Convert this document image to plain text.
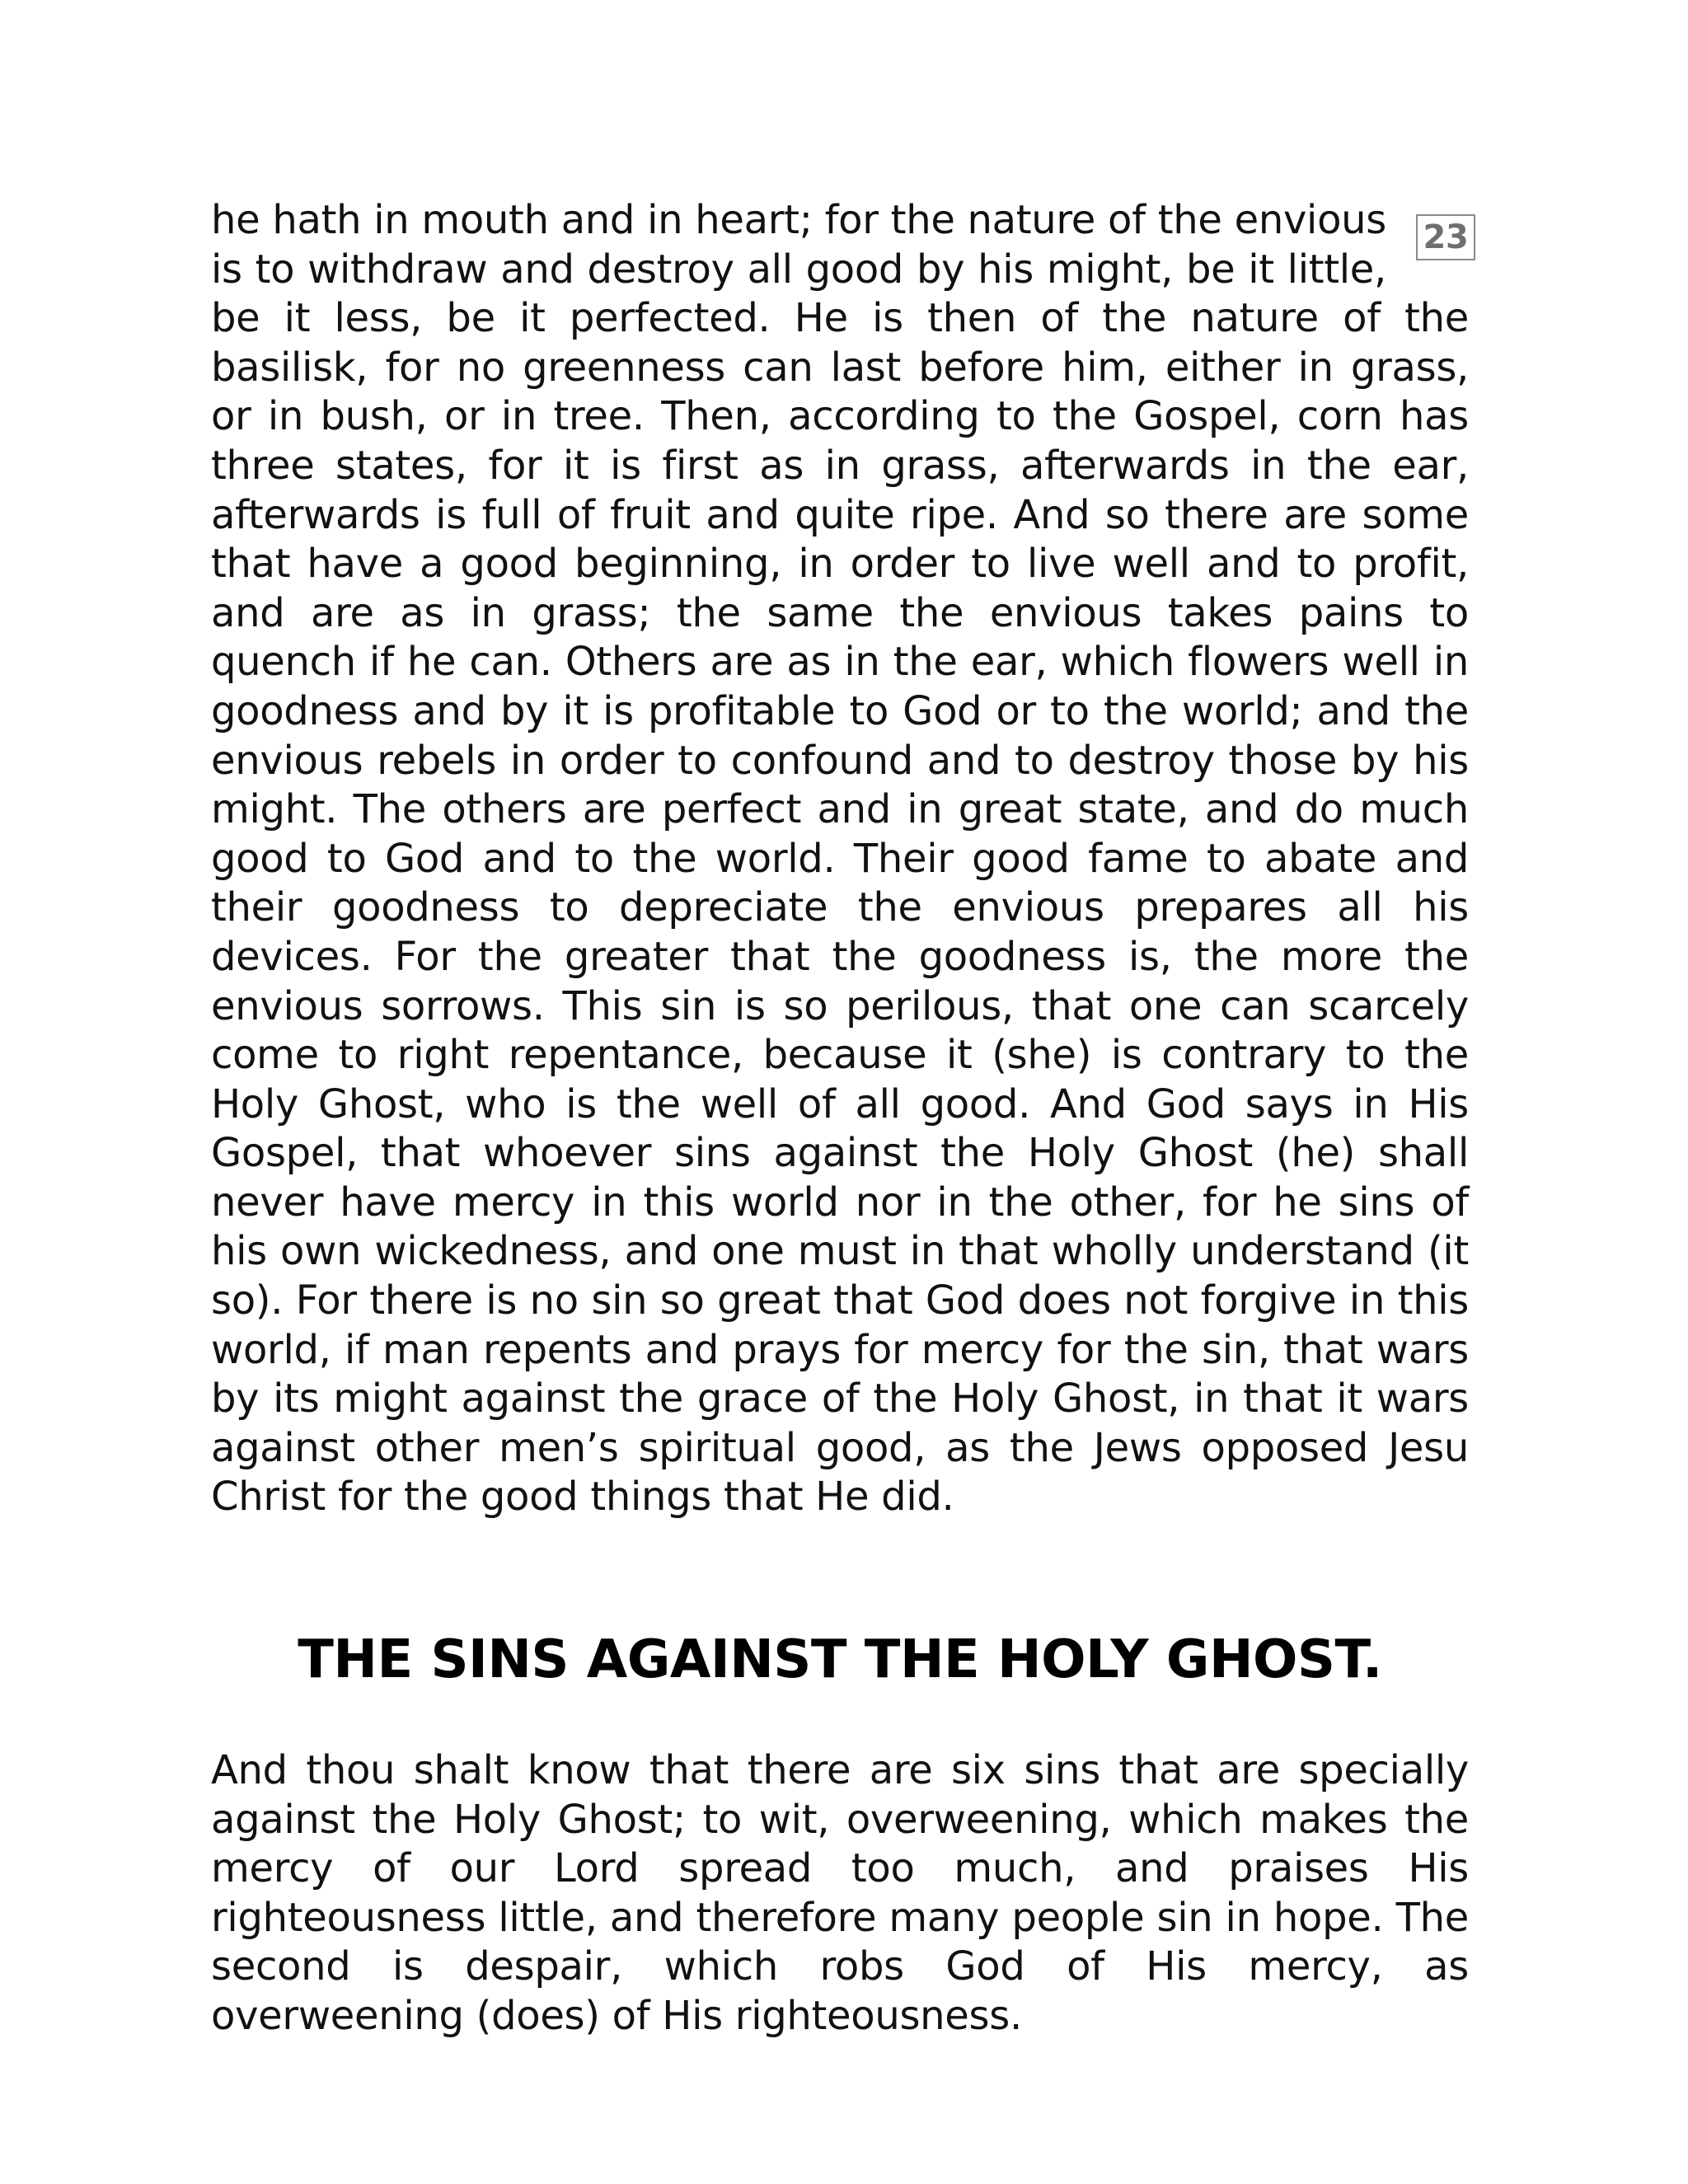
23
he hath in mouth and in heart; for the nature of the envious is to withdraw and destroy all good by his might, be it little, be it less, be it perfected. He is then of the nature of the basilisk, for no greenness can last before him, either in grass, or in bush, or in tree. Then, according to the Gospel, corn has three states, for it is first as in grass, afterwards in the ear, afterwards is full of fruit and quite ripe. And so there are some that have a good beginning, in order to live well and to profit, and are as in grass; the same the envious takes pains to quench if he can. Others are as in the ear, which flowers well in goodness and by it is profitable to God or to the world; and the envious rebels in order to confound and to destroy those by his might. The others are perfect and in great state, and do much good to God and to the world. Their good fame to abate and their goodness to depreciate the envious prepares all his devices. For the greater that the goodness is, the more the envious sorrows. This sin is so perilous, that one can scarcely come to right repentance, because it (she) is contrary to the Holy Ghost, who is the well of all good. And God says in His Gospel, that whoever sins against the Holy Ghost (he) shall never have mercy in this world nor in the other, for he sins of his own wickedness, and one must in that wholly understand (it so). For there is no sin so great that God does not forgive in this world, if man repents and prays for mercy for the sin, that wars by its might against the grace of the Holy Ghost, in that it wars against other men’s spiritual good, as the Jews opposed Jesu Christ for the good things that He did.

THE SINS AGAINST THE HOLY GHOST.

And thou shalt know that there are six sins that are specially against the Holy Ghost; to wit, overweening, which makes the mercy of our Lord spread too much, and praises His righteousness little, and therefore many people sin in hope. The second is despair, which robs God of His mercy, as overweening (does) of His righteousness.
